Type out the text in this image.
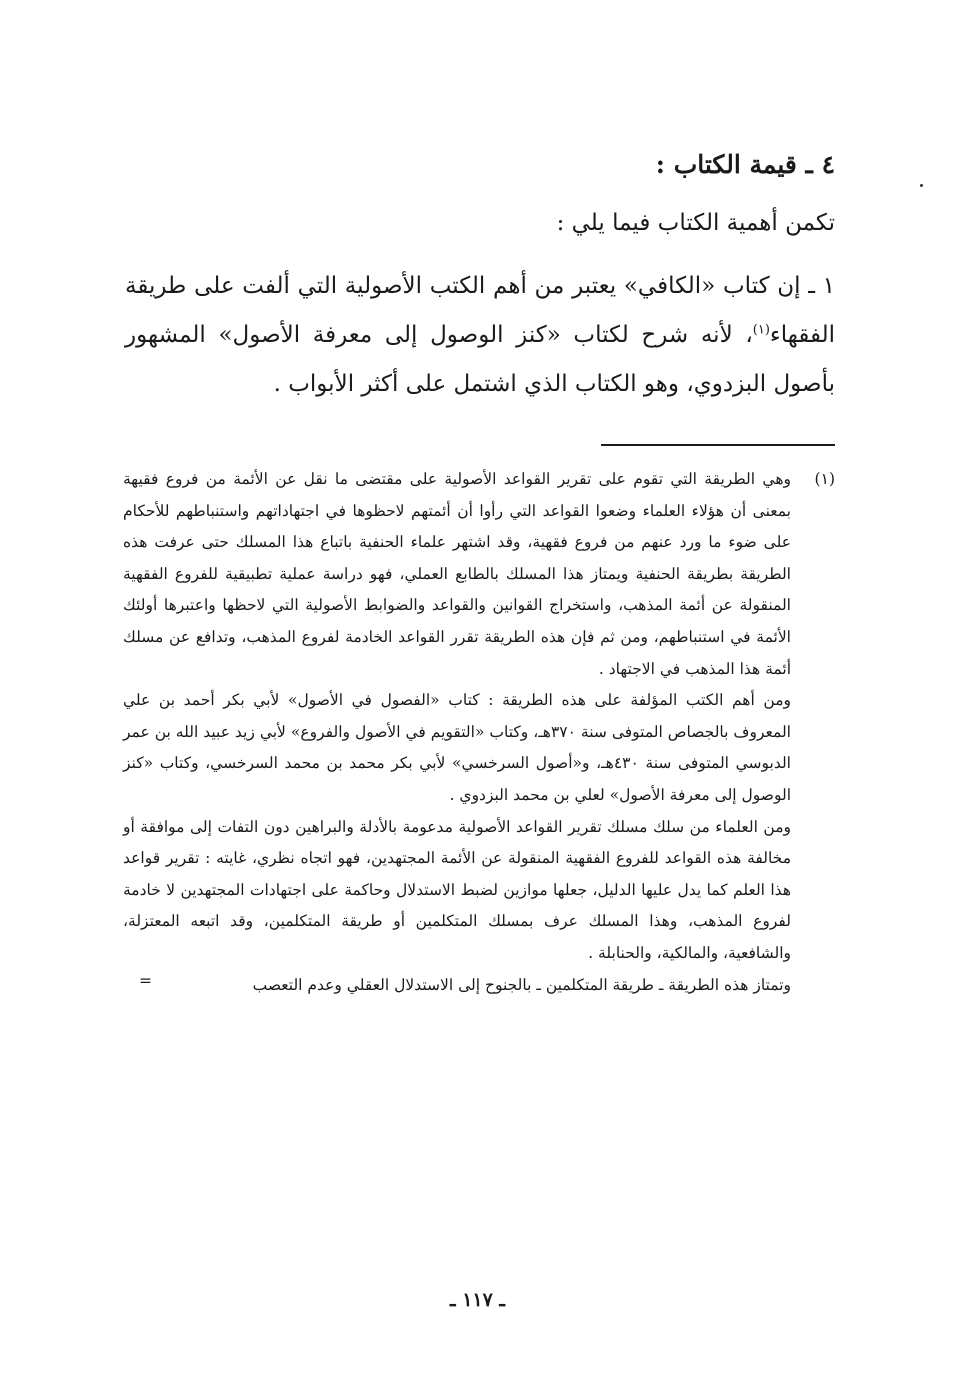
٤ ـ قيمة الكتاب :

تكمن أهمية الكتاب فيما يلي :

١ ـ إن كتاب «الكافي» يعتبر من أهم الكتب الأصولية التي ألفت على طريقة الفقهاء$^{(١)}$، لأنه شرح لكتاب «كنز الوصول إلى معرفة الأصول» المشهور بأصول البزدوي، وهو الكتاب الذي اشتمل على أكثر الأبواب .

(١)

وهي الطريقة التي تقوم على تقرير القواعد الأصولية على مقتضى ما نقل عن الأئمة من فروع فقيهة بمعنى أن هؤلاء العلماء وضعوا القواعد التي رأوا أن أئمتهم لاحظوها في اجتهاداتهم واستنباطهم للأحكام على ضوء ما ورد عنهم من فروع فقهية، وقد اشتهر علماء الحنفية باتباع هذا المسلك حتى عرفت هذه الطريقة بطريقة الحنفية ويمتاز هذا المسلك بالطابع العملي، فهو دراسة عملية تطبيقية للفروع الفقهية المنقولة عن أئمة المذهب، واستخراج القوانين والقواعد والضوابط الأصولية التي لاحظها واعتبرها أولئك الأئمة في استنباطهم، ومن ثم فإن هذه الطريقة تقرر القواعد الخادمة لفروع المذهب، وتدافع عن مسلك أئمة هذا المذهب في الاجتهاد .

ومن أهم الكتب المؤلفة على هذه الطريقة : كتاب «الفصول في الأصول» لأبي بكر أحمد بن علي المعروف بالجصاص المتوفى سنة ٣٧٠هـ، وكتاب «التقويم في الأصول والفروع» لأبي زيد عبيد الله بن عمر الدبوسي المتوفى سنة ٤٣٠هـ، و«أصول السرخسي» لأبي بكر محمد بن محمد السرخسي، وكتاب «كنز الوصول إلى معرفة الأصول» لعلي بن محمد البزدوي .

ومن العلماء من سلك مسلك تقرير القواعد الأصولية مدعومة بالأدلة والبراهين دون التفات إلى موافقة أو مخالفة هذه القواعد للفروع الفقهية المنقولة عن الأئمة المجتهدين، فهو اتجاه نظري، غايته : تقرير قواعد هذا العلم كما يدل عليها الدليل، جعلها موازين لضبط الاستدلال وحاكمة على اجتهادات المجتهدين لا خادمة لفروع المذهب، وهذا المسلك عرف بمسلك المتكلمين أو طريقة المتكلمين، وقد اتبعه المعتزلة، والشافعية، والمالكية، والحنابلة .

وتمتاز هذه الطريقة ـ طريقة المتكلمين ـ بالجنوح إلى الاستدلال العقلي وعدم التعصب
=

ـ ١١٧ ـ
